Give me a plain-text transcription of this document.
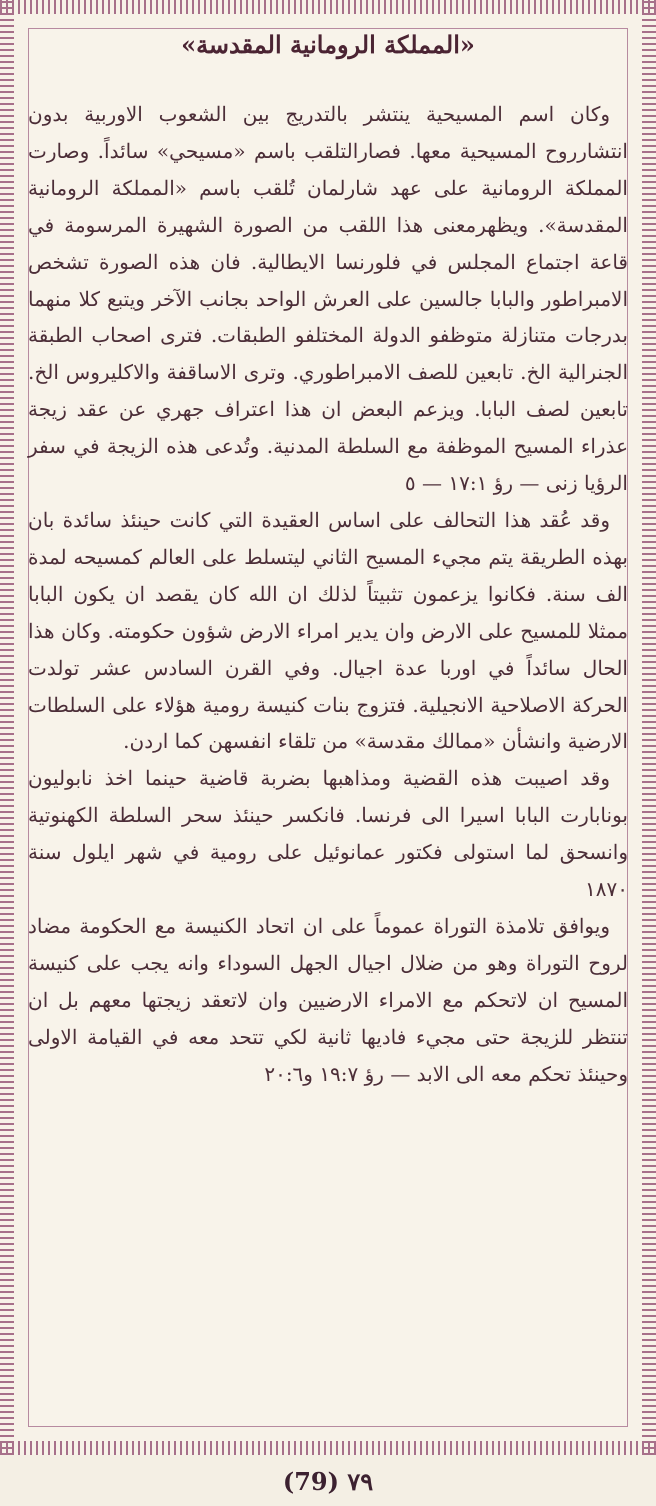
«المملكة الرومانية المقدسة»

وكان اسم المسيحية ينتشر بالتدريج بين الشعوب الاوربية بدون انتشارروح المسيحية معها. فصارالتلقب باسم «مسيحي» سائداً. وصارت المملكة الرومانية على عهد شارلمان تُلقب باسم «المملكة الرومانية المقدسة». ويظهرمعنى هذا اللقب من الصورة الشهيرة المرسومة في قاعة اجتماع المجلس في فلورنسا الايطالية. فان هذه الصورة تشخص الامبراطور والبابا جالسين على العرش الواحد بجانب الآخر ويتبع كلا منهما بدرجات متنازلة متوظفو الدولة المختلفو الطبقات. فترى اصحاب الطبقة الجنرالية الخ. تابعين للصف الامبراطوري. وترى الاساقفة والاكليروس الخ. تابعين لصف البابا. ويزعم البعض ان هذا اعتراف جهري عن عقد زيجة عذراء المسيح الموظفة مع السلطة المدنية. وتُدعى هذه الزيجة في سفر الرؤيا زنى — رؤ ١٧:١ — ٥

وقد عُقد هذا التحالف على اساس العقيدة التي كانت حينئذ سائدة بان بهذه الطريقة يتم مجيء المسيح الثاني ليتسلط على العالم كمسيحه لمدة الف سنة. فكانوا يزعمون تثبيتاً لذلك ان الله كان يقصد ان يكون البابا ممثلا للمسيح على الارض وان يدير امراء الارض شؤون حكومته. وكان هذا الحال سائداً في اوربا عدة اجيال. وفي القرن السادس عشر تولدت الحركة الاصلاحية الانجيلية. فتزوج بنات كنيسة رومية هؤلاء على السلطات الارضية وانشأن «ممالك مقدسة» من تلقاء انفسهن كما اردن.

وقد اصيبت هذه القضية ومذاهبها بضربة قاضية حينما اخذ نابوليون بونابارت البابا اسيرا الى فرنسا. فانكسر حينئذ سحر السلطة الكهنوتية وانسحق لما استولى فكتور عمانوئيل على رومية في شهر ايلول سنة ١٨٧٠

ويوافق تلامذة التوراة عموماً على ان اتحاد الكنيسة مع الحكومة مضاد لروح التوراة وهو من ضلال اجيال الجهل السوداء وانه يجب على كنيسة المسيح ان لاتحكم مع الامراء الارضيين وان لاتعقد زيجتها معهم بل ان تنتظر للزيجة حتى مجيء فاديها ثانية لكي تتحد معه في القيامة الاولى وحينئذ تحكم معه الى الابد — رؤ ١٩:٧ و٢٠:٦

(79) ٧٩
